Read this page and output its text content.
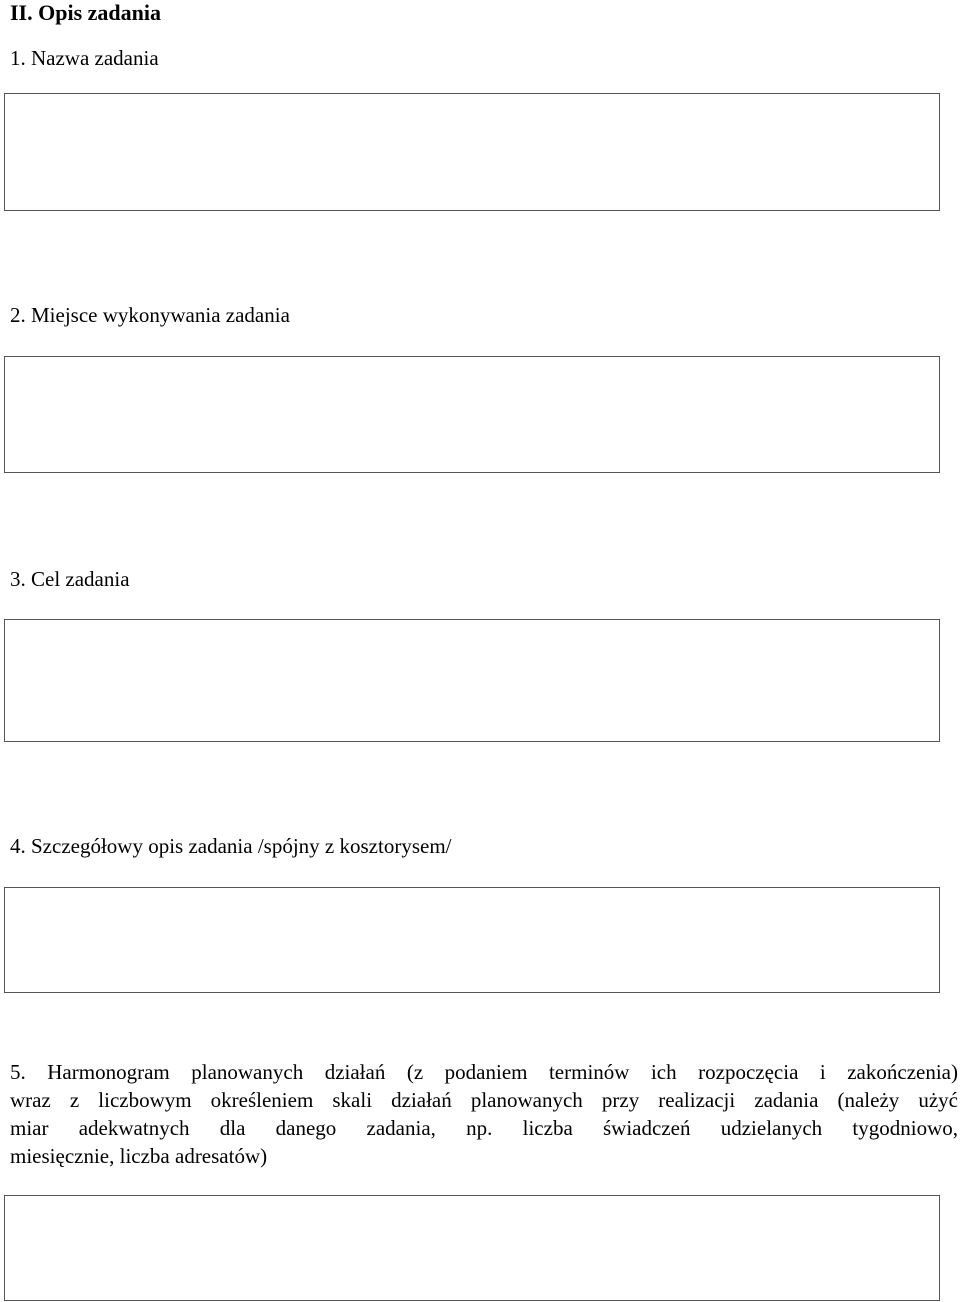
II. Opis zadania
1. Nazwa zadania
2. Miejsce wykonywania zadania
3. Cel zadania
4. Szczegółowy opis zadania /spójny z kosztorysem/
5. Harmonogram planowanych działań (z podaniem terminów ich rozpoczęcia i zakończenia)
wraz z liczbowym określeniem skali działań planowanych przy realizacji zadania (należy użyć
miar adekwatnych dla danego zadania, np. liczba świadczeń udzielanych tygodniowo,
miesięcznie, liczba adresatów)
